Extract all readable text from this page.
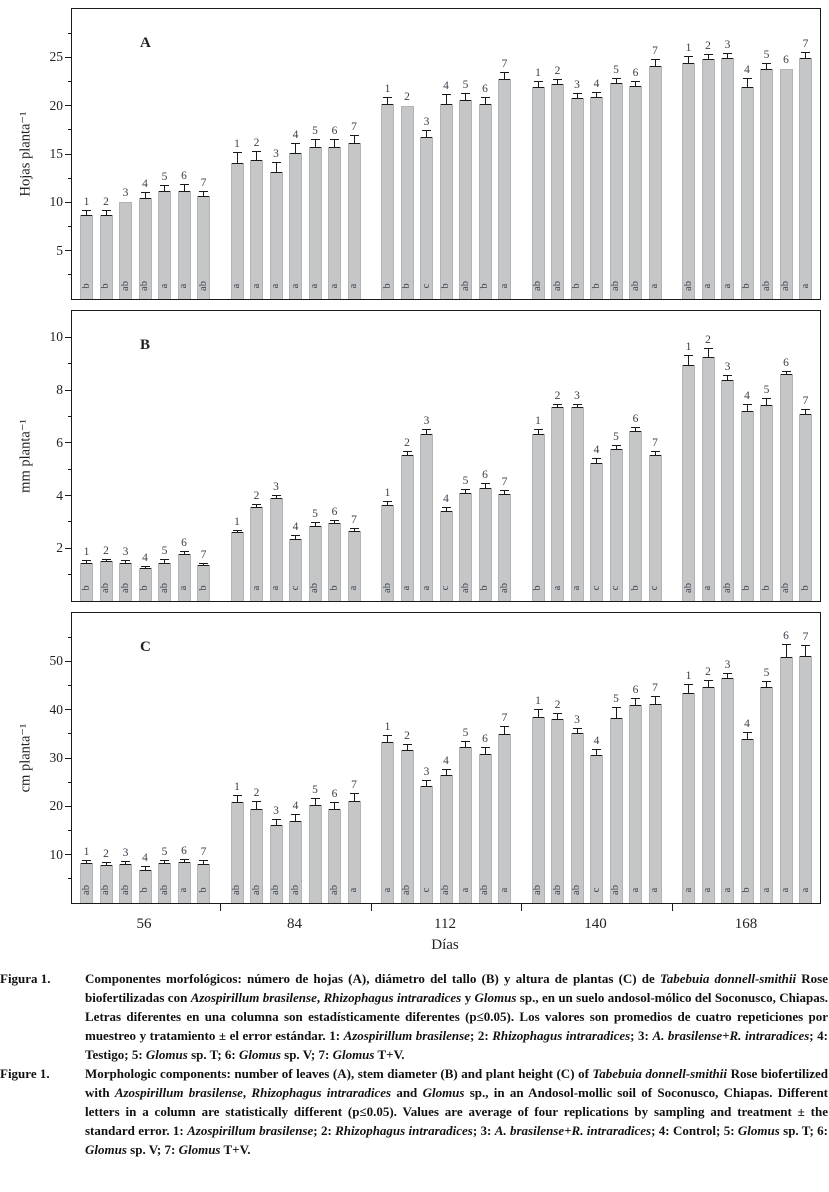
A
Hojas planta⁻¹
5
10
15
20
25
1
b
2
b
3
ab
4
ab
5
a
6
a
7
ab
1
a
2
a
3
a
4
a
5
a
6
a
7
a
1
b
2
b
3
c
4
b
5
ab
6
b
7
a
1
ab
2
ab
3
b
4
b
5
ab
6
ab
7
a
1
ab
2
a
3
a
4
b
5
ab
6
ab
7
a
B
mm planta⁻¹
2
4
6
8
10
1
b
2
ab
3
ab
4
b
5
ab
6
a
7
b
1
2
a
3
a
4
c
5
ab
6
b
7
a
1
ab
2
a
3
a
4
c
5
ab
6
b
7
ab
1
b
2
a
3
a
4
c
5
c
6
b
7
c
1
ab
2
a
3
ab
4
b
5
b
6
ab
7
b
C
cm planta⁻¹
10
20
30
40
50
1
ab
2
ab
3
ab
4
b
5
ab
6
a
7
b
1
ab
2
ab
3
ab
4
ab
5	6
ab
7
a
1
a
2
ab
3
c
4
ab
5
a
6
ab
7
a
1
ab
2
ab
3
ab
4
c
5
ab
6
a
7
a
1
a
2
a
3
a
4
b
5
a
6
a
7
a
56	84	112	140	168
Días
Figura 1.	Componentes morfológicos: número de hojas (A), diámetro del tallo (B) y altura de plantas (C) de Tabebuia donnell-smithii Rose biofertilizadas con Azospirillum brasilense, Rhizophagus intraradices y Glomus sp., en un suelo andosol-mólico del Soconusco, Chiapas. Letras diferentes en una columna son estadísticamente diferentes (p≤0.05). Los valores son promedios de cuatro repeticiones por muestreo y tratamiento ± el error estándar. 1: Azospirillum brasilense; 2: Rhizophagus intraradices; 3: A. brasilense+R. intraradices; 4: Testigo; 5: Glomus sp. T; 6: Glomus sp. V; 7: Glomus T+V.

Figure 1.	Morphologic components: number of leaves (A), stem diameter (B) and plant height (C) of Tabebuia donnell-smithii Rose biofertilized with Azospirillum brasilense, Rhizophagus intraradices and Glomus sp., in an Andosol-mollic soil of Soconusco, Chiapas. Different letters in a column are statistically different (p≤0.05). Values are average of four replications by sampling and treatment ± the standard error. 1: Azospirillum brasilense; 2: Rhizophagus intraradices; 3: A. brasilense+R. intraradices; 4: Control; 5: Glomus sp. T; 6: Glomus sp. V; 7: Glomus T+V.
